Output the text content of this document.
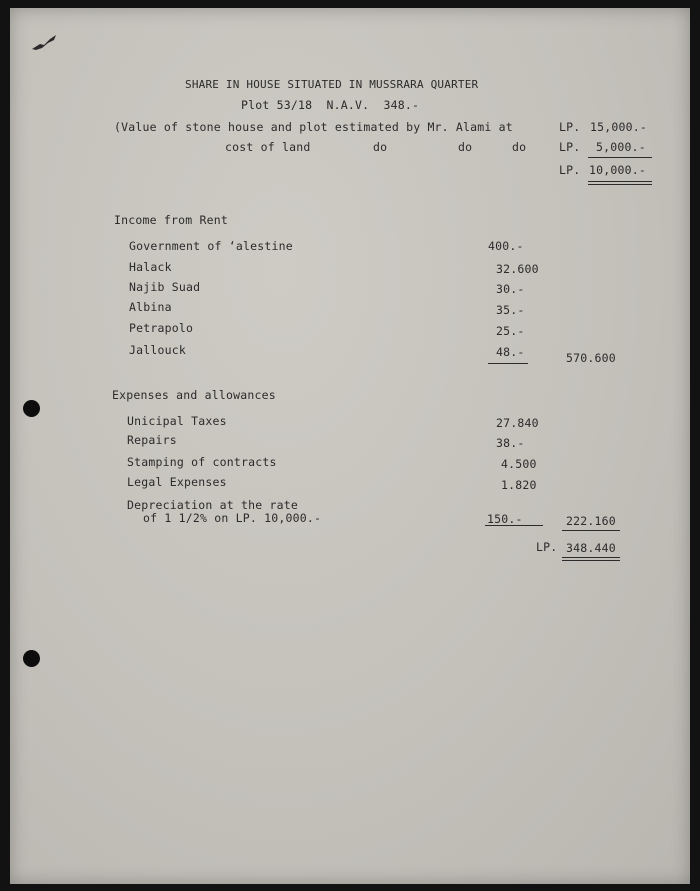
SHARE IN HOUSE SITUATED IN MUSSRARA QUARTER
Plot 53/18  N.A.V.  348.-
(Value of stone house and plot estimated by Mr. Alami at	LP. 15,000.-
cost of land	do	do	do	LP. 5,000.-
LP. 10,000.-
Income from Rent
Government of ‘alestine	400.-
Halack	32.600
Najib Suad	30.-
Albina	35.-
Petrapolo	25.-
Jallouck	48.-	570.600
Expenses and allowances
Unicipal Taxes	27.840
Repairs	38.-
Stamping of contracts	4.500
Legal Expenses	1.820
Depreciation at the rate
of 1 1/2% on LP. 10,000.-	150.-	222.160
LP. 348.440
